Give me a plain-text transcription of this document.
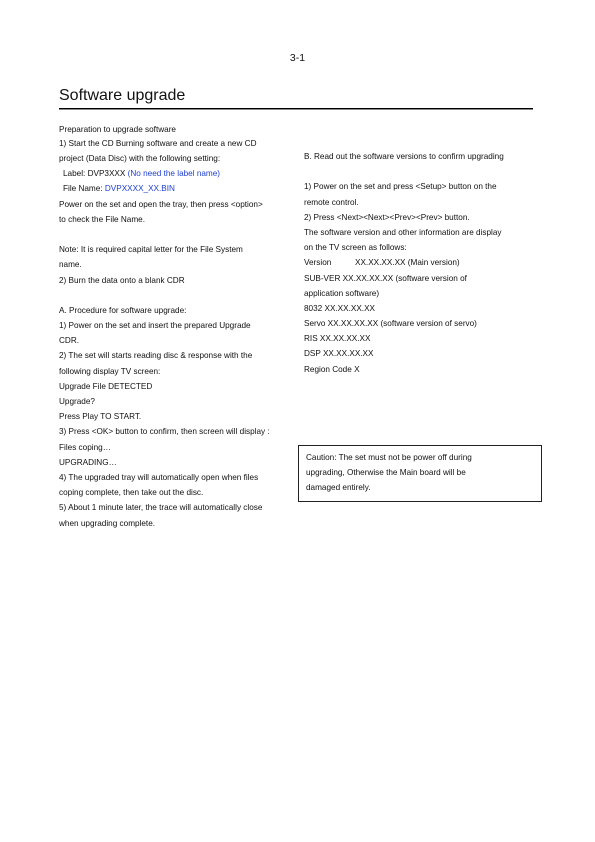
3-1
Software upgrade
Preparation to upgrade software
1) Start the CD Burning software and create a new CD
project (Data Disc) with the following setting:
Label: DVP3XXX (No need the label name)
File Name: DVPXXXX_XX.BIN
Power on the set and open the tray, then press <option>
to check the File Name.
Note: It is required capital letter for the File System
name.
2) Burn the data onto a blank CDR
A. Procedure for software upgrade:
1) Power on the set and insert the prepared Upgrade
CDR.
2) The set will starts reading disc & response with the
following display TV screen:
Upgrade File DETECTED
Upgrade?
Press Play TO START.
3) Press <OK> button to confirm, then screen will display :
Files coping…
UPGRADING…
4) The upgraded tray will automatically open when files
coping complete, then take out the disc.
5) About 1 minute later, the trace will automatically close
when upgrading complete.
B. Read out the software versions to confirm upgrading
1) Power on the set and press <Setup> button on the
remote control.
2) Press <Next><Next><Prev><Prev> button.
The software version and other information are display
on the TV screen as follows:
Version	XX.XX.XX.XX (Main version)
SUB-VER XX.XX.XX.XX (software version of
application software)
8032 XX.XX.XX.XX
Servo XX.XX.XX.XX (software version of servo)
RIS XX.XX.XX.XX
DSP XX.XX.XX.XX
Region Code X
Caution: The set must not be power off during
upgrading, Otherwise the Main board will be
damaged entirely.
